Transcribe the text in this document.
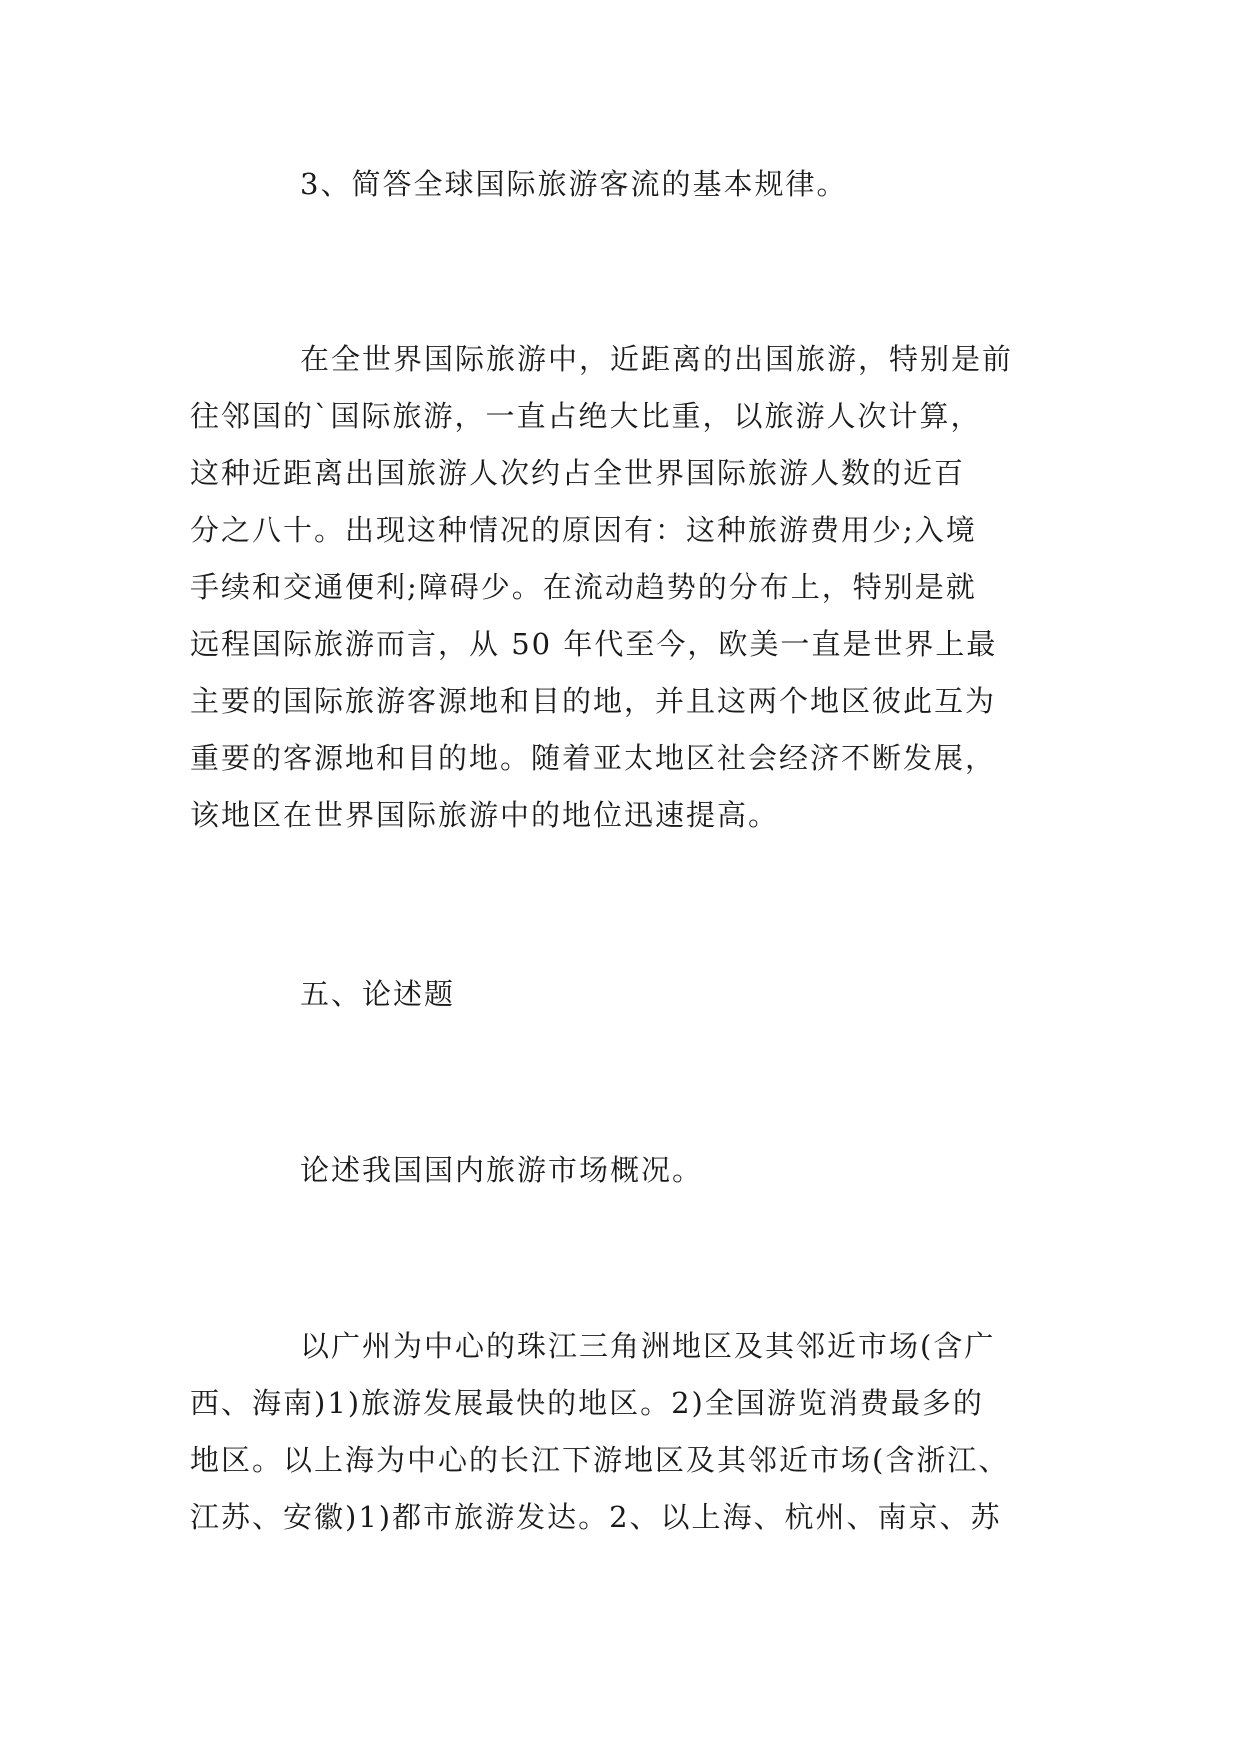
3、简答全球国际旅游客流的基本规律。
在全世界国际旅游中，近距离的出国旅游，特别是前
往邻国的`国际旅游，一直占绝大比重，以旅游人次计算，
这种近距离出国旅游人次约占全世界国际旅游人数的近百
分之八十。出现这种情况的原因有：这种旅游费用少;入境
手续和交通便利;障碍少。在流动趋势的分布上，特别是就
远程国际旅游而言，从 50 年代至今，欧美一直是世界上最
主要的国际旅游客源地和目的地，并且这两个地区彼此互为
重要的客源地和目的地。随着亚太地区社会经济不断发展，
该地区在世界国际旅游中的地位迅速提高。
五、论述题
论述我国国内旅游市场概况。
以广州为中心的珠江三角洲地区及其邻近市场(含广
西、海南)1)旅游发展最快的地区。2)全国游览消费最多的
地区。以上海为中心的长江下游地区及其邻近市场(含浙江、
江苏、安徽)1)都市旅游发达。2、以上海、杭州、南京、苏
